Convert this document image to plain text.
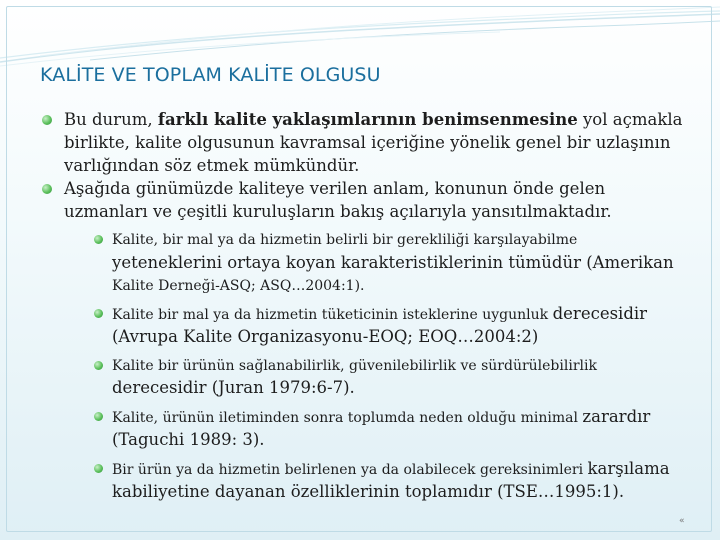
KALİTE VE TOPLAM KALİTE OLGUSU
Bu durum, farklı kalite yaklaşımlarının benimsenmesine yol açmakla birlikte, kalite olgusunun kavramsal içeriğine yönelik genel bir uzlaşının varlığından söz etmek mümkündür.
Aşağıda günümüzde kaliteye verilen anlam, konunun önde gelen uzmanları ve çeşitli kuruluşların bakış açılarıyla yansıtılmaktadır.
Kalite, bir mal ya da hizmetin belirli bir gerekliliği karşılayabilme yeteneklerini ortaya koyan karakteristiklerinin tümüdür (Amerikan Kalite Derneği-ASQ; ASQ…2004:1).
Kalite bir mal ya da hizmetin tüketicinin isteklerine uygunluk derecesidir (Avrupa Kalite Organizasyonu-EOQ; EOQ…2004:2)
Kalite bir ürünün sağlanabilirlik, güvenilebilirlik ve sürdürülebilirlik derecesidir (Juran 1979:6-7).
Kalite, ürünün iletiminden sonra toplumda neden olduğu minimal zarardır (Taguchi 1989: 3).
Bir ürün ya da hizmetin belirlenen ya da olabilecek gereksinimleri karşılama kabiliyetine dayanan özelliklerinin toplamıdır (TSE…1995:1).
«
